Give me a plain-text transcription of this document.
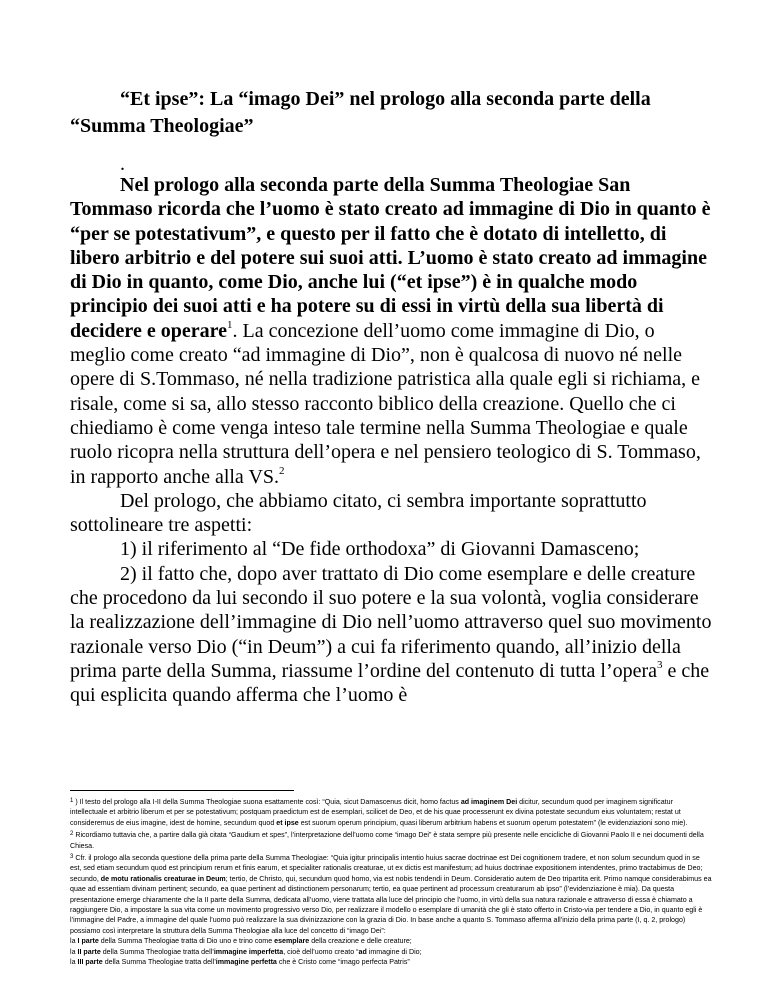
“Et ipse”: La “imago Dei” nel prologo alla seconda parte della
“Summa Theologiae”
.

Nel prologo alla seconda parte della Summa Theologiae San Tommaso ricorda che l’uomo è stato creato ad immagine di Dio in quanto è “per se potestativum”, e questo per il fatto che è dotato di intelletto, di libero arbitrio e del potere sui suoi atti. L’uomo è stato creato ad immagine di Dio in quanto, come Dio, anche lui (“et ipse”) è in qualche modo principio dei suoi atti e ha potere su di essi in virtù della sua libertà di decidere e operare$^1$. La concezione dell’uomo come immagine di Dio, o meglio come creato “ad immagine di Dio”, non è qualcosa di nuovo né nelle opere di S.Tommaso, né nella tradizione patristica alla quale egli si richiama, e risale, come si sa, allo stesso racconto biblico della creazione. Quello che ci chiediamo è come venga inteso tale termine nella Summa Theologiae e quale ruolo ricopra nella struttura dell’opera e nel pensiero teologico di S. Tommaso, in rapporto anche alla VS.$^2$

Del prologo, che abbiamo citato, ci sembra importante soprattutto sottolineare tre aspetti:

1) il riferimento al “De fide orthodoxa” di Giovanni Damasceno;

2) il fatto che, dopo aver trattato di Dio come esemplare e delle creature che procedono da lui secondo il suo potere e la sua volontà, voglia considerare la realizzazione dell’immagine di Dio nell’uomo attraverso quel suo movimento razionale verso Dio (“in Deum”) a cui fa riferimento quando, all’inizio della prima parte della Summa, riassume l’ordine del contenuto di tutta l’opera$^3$ e che qui esplicita quando afferma che l’uomo è

$^1$ ) Il testo del prologo alla I-II della Summa Theologiae suona esattamente così: “Quia, sicut Damascenus dicit, homo factus ad imaginem Dei dicitur, secundum quod per imaginem significatur intellectuale et arbitrio liberum et per se potestativum; postquam praedictum est de esemplari, scilicet de Deo, et de his quae processerunt ex divina potestate secundum eius voluntatem; restat ut consideremus de eius imagine, idest de homine, secundum quod et ipse est suorum operum principium, quasi liberum arbitrium habens et suorum operum potestatem” (le evidenziazioni sono mie).

$^2$ Ricordiamo tuttavia che, a partire dalla già citata “Gaudium et spes”, l’interpretazione dell’uomo come “imago Dei” è stata sempre più presente nelle encicliche di Giovanni Paolo II e nei documenti della Chiesa.

$^3$ Cfr. il prologo alla seconda questione della prima parte della Summa Theologiae: “Quia igitur principalis intentio huius sacrae doctrinae est Dei cognitionem tradere, et non solum secundum quod in se est, sed etiam secundum quod est principium rerum et finis earum, et specialiter rationalis creaturae, ut ex dictis est manifestum; ad huius doctrinae expositionem intendentes, primo tractabimus de Deo; secundo, de motu rationalis creaturae in Deum; tertio, de Christo, qui, secundum quod homo, via est nobis tendendi in Deum. Consideratio autem de Deo tripartita erit. Primo namque considerabimus ea quae ad essentiam divinam pertinent; secundo, ea quae pertinent ad distinctionem personarum; tertio, ea quae pertinent ad processum creaturarum ab ipso” (l’evidenziazione è mia). Da questa presentazione emerge chiaramente che la II parte della Summa, dedicata all’uomo, viene trattata alla luce del principio che l’uomo, in virtù della sua natura razionale e attraverso di essa è chiamato a raggiungere Dio, a impostare la sua vita come un movimento progressivo verso Dio, per realizzare il modello o esemplare di umanità che gli è stato offerto in Cristo-via per tendere a Dio, in quanto egli è l’immagine del Padre, a immagine del quale l’uomo può realizzare la sua divinizzazione con la grazia di Dio. In base anche a quanto S. Tommaso afferma all’inizio della prima parte (I, q. 2, prologo) possiamo così interpretare la struttura della Summa Theologiae alla luce del concetto di “imago Dei”:
la I parte della Summa Theologiae tratta di Dio uno e trino come esemplare della creazione e delle creature;
la II parte della Summa Theologiae tratta dell’immagine imperfetta, cioè dell’uomo creato “ad immagine di Dio;
la III parte della Summa Theologiae tratta dell’immagine perfetta che è Cristo come “imago perfecta Patris”
